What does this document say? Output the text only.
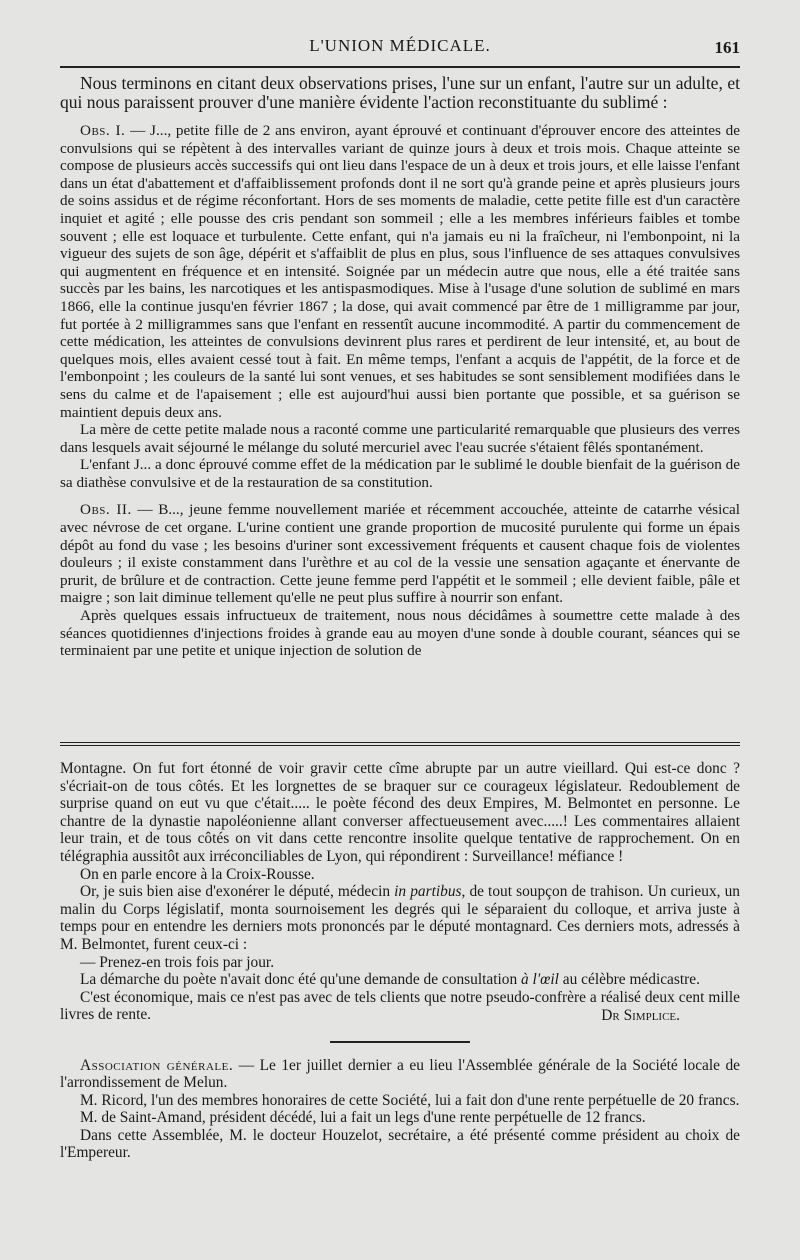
L'UNION MÉDICALE.	161

Nous terminons en citant deux observations prises, l'une sur un enfant, l'autre sur un adulte, et qui nous paraissent prouver d'une manière évidente l'action reconstituante du sublimé :

Obs. I. — J..., petite fille de 2 ans environ, ayant éprouvé et continuant d'éprouver encore des atteintes de convulsions qui se répètent à des intervalles variant de quinze jours à deux et trois mois. Chaque atteinte se compose de plusieurs accès successifs qui ont lieu dans l'espace de un à deux et trois jours, et elle laisse l'enfant dans un état d'abattement et d'affaiblissement profonds dont il ne sort qu'à grande peine et après plusieurs jours de soins assidus et de régime réconfortant. Hors de ses moments de maladie, cette petite fille est d'un caractère inquiet et agité ; elle pousse des cris pendant son sommeil ; elle a les membres inférieurs faibles et tombe souvent ; elle est loquace et turbulente. Cette enfant, qui n'a jamais eu ni la fraîcheur, ni l'embonpoint, ni la vigueur des sujets de son âge, dépérit et s'affaiblit de plus en plus, sous l'influence de ses attaques convulsives qui augmentent en fréquence et en intensité. Soignée par un médecin autre que nous, elle a été traitée sans succès par les bains, les narcotiques et les antispasmodiques. Mise à l'usage d'une solution de sublimé en mars 1866, elle la continue jusqu'en février 1867 ; la dose, qui avait commencé par être de 1 milligramme par jour, fut portée à 2 milligrammes sans que l'enfant en ressentît aucune incommodité. A partir du commencement de cette médication, les atteintes de convulsions devinrent plus rares et perdirent de leur intensité, et, au bout de quelques mois, elles avaient cessé tout à fait. En même temps, l'enfant a acquis de l'appétit, de la force et de l'embonpoint ; les couleurs de la santé lui sont venues, et ses habitudes se sont sensiblement modifiées dans le sens du calme et de l'apaisement ; elle est aujourd'hui aussi bien portante que possible, et sa guérison se maintient depuis deux ans.

La mère de cette petite malade nous a raconté comme une particularité remarquable que plusieurs des verres dans lesquels avait séjourné le mélange du soluté mercuriel avec l'eau sucrée s'étaient fêlés spontanément.

L'enfant J... a donc éprouvé comme effet de la médication par le sublimé le double bienfait de la guérison de sa diathèse convulsive et de la restauration de sa constitution.

Obs. II. — B..., jeune femme nouvellement mariée et récemment accouchée, atteinte de catarrhe vésical avec névrose de cet organe. L'urine contient une grande proportion de mucosité purulente qui forme un épais dépôt au fond du vase ; les besoins d'uriner sont excessivement fréquents et causent chaque fois de violentes douleurs ; il existe constamment dans l'urèthre et au col de la vessie une sensation agaçante et énervante de prurit, de brûlure et de contraction. Cette jeune femme perd l'appétit et le sommeil ; elle devient faible, pâle et maigre ; son lait diminue tellement qu'elle ne peut plus suffire à nourrir son enfant.

Après quelques essais infructueux de traitement, nous nous décidâmes à soumettre cette malade à des séances quotidiennes d'injections froides à grande eau au moyen d'une sonde à double courant, séances qui se terminaient par une petite et unique injection de solution de

Montagne. On fut fort étonné de voir gravir cette cîme abrupte par un autre vieillard. Qui est-ce donc ? s'écriait-on de tous côtés. Et les lorgnettes de se braquer sur ce courageux législateur. Redoublement de surprise quand on eut vu que c'était..... le poète fécond des deux Empires, M. Belmontet en personne. Le chantre de la dynastie napoléonienne allant converser affectueusement avec.....! Les commentaires allaient leur train, et de tous côtés on vit dans cette rencontre insolite quelque tentative de rapprochement. On en télégraphia aussitôt aux irréconciliables de Lyon, qui répondirent : Surveillance! méfiance !

On en parle encore à la Croix-Rousse.

Or, je suis bien aise d'exonérer le député, médecin in partibus, de tout soupçon de trahison. Un curieux, un malin du Corps législatif, monta sournoisement les degrés qui le séparaient du colloque, et arriva juste à temps pour en entendre les derniers mots prononcés par le député montagnard. Ces derniers mots, adressés à M. Belmontet, furent ceux-ci :

— Prenez-en trois fois par jour.

La démarche du poète n'avait donc été qu'une demande de consultation à l'œil au célèbre médicastre.

C'est économique, mais ce n'est pas avec de tels clients que notre pseudo-confrère a réalisé deux cent mille livres de rente.	Dr Simplice.

Association générale. — Le 1er juillet dernier a eu lieu l'Assemblée générale de la Société locale de l'arrondissement de Melun.

M. Ricord, l'un des membres honoraires de cette Société, lui a fait don d'une rente perpétuelle de 20 francs.

M. de Saint-Amand, président décédé, lui a fait un legs d'une rente perpétuelle de 12 francs.

Dans cette Assemblée, M. le docteur Houzelot, secrétaire, a été présenté comme président au choix de l'Empereur.
